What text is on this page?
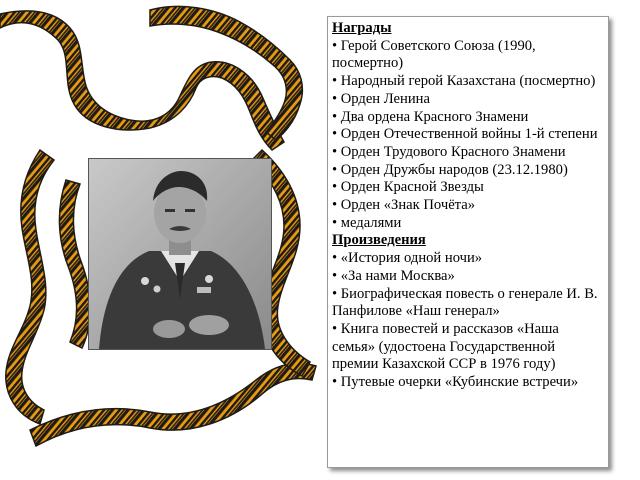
Награды
• Герой Советского Союза (1990, посмертно)
• Народный герой Казахстана (посмертно)
• Орден Ленина
• Два ордена Красного Знамени
• Орден Отечественной войны 1-й степени
• Орден Трудового Красного Знамени
• Орден Дружбы народов (23.12.1980)
• Орден Красной Звезды
• Орден «Знак Почёта»
• медалями
Произведения
• «История одной ночи»
• «За нами Москва»
• Биографическая повесть о генерале И. В. Панфилове «Наш генерал»
• Книга повестей и рассказов «Наша семья» (удостоена Государственной премии Казахской ССР в 1976 году)
• Путевые очерки «Кубинские встречи»
